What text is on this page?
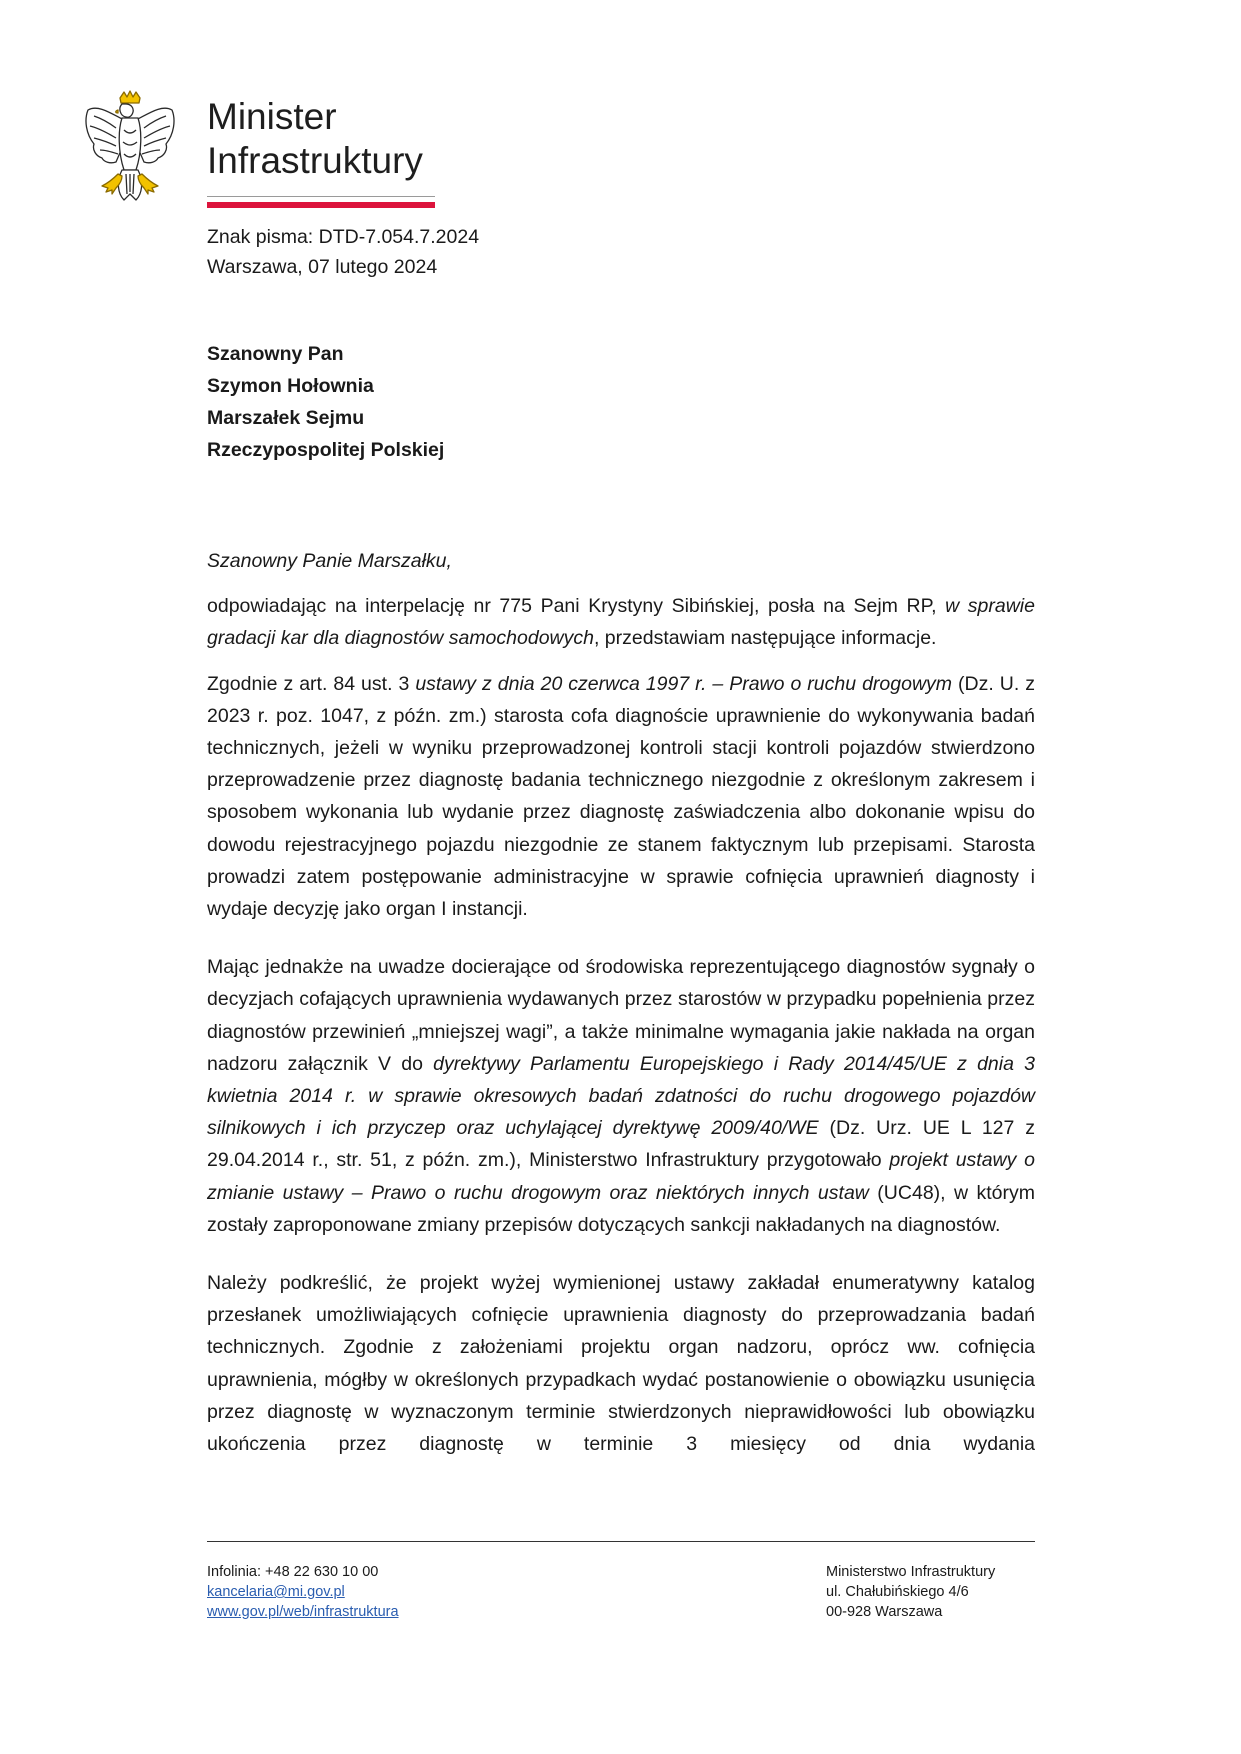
Minister
Infrastruktury
Znak pisma: DTD-7.054.7.2024
Warszawa, 07 lutego 2024
Szanowny Pan
Szymon Hołownia
Marszałek Sejmu
Rzeczypospolitej Polskiej

Szanowny Panie Marszałku,

odpowiadając na interpelację nr 775 Pani Krystyny Sibińskiej, posła na Sejm RP, w sprawie gradacji kar dla diagnostów samochodowych, przedstawiam następujące informacje.

Zgodnie z art. 84 ust. 3 ustawy z dnia 20 czerwca 1997 r. – Prawo o ruchu drogowym (Dz. U. z 2023 r. poz. 1047, z późn. zm.) starosta cofa diagnoście uprawnienie do wykonywania badań technicznych, jeżeli w wyniku przeprowadzonej kontroli stacji kontroli pojazdów stwierdzono przeprowadzenie przez diagnostę badania technicznego niezgodnie z określonym zakresem i sposobem wykonania lub wydanie przez diagnostę zaświadczenia albo dokonanie wpisu do dowodu rejestracyjnego pojazdu niezgodnie ze stanem faktycznym lub przepisami. Starosta prowadzi zatem postępowanie administracyjne w sprawie cofnięcia uprawnień diagnosty i wydaje decyzję jako organ I instancji.

Mając jednakże na uwadze docierające od środowiska reprezentującego diagnostów sygnały o decyzjach cofających uprawnienia wydawanych przez starostów w przypadku popełnienia przez diagnostów przewinień „mniejszej wagi”, a także minimalne wymagania jakie nakłada na organ nadzoru załącznik V do dyrektywy Parlamentu Europejskiego i Rady 2014/45/UE z dnia 3 kwietnia 2014 r. w sprawie okresowych badań zdatności do ruchu drogowego pojazdów silnikowych i ich przyczep oraz uchylającej dyrektywę 2009/40/WE (Dz. Urz. UE L 127 z 29.04.2014 r., str. 51, z późn. zm.), Ministerstwo Infrastruktury przygotowało projekt ustawy o zmianie ustawy – Prawo o ruchu drogowym oraz niektórych innych ustaw (UC48), w którym zostały zaproponowane zmiany przepisów dotyczących sankcji nakładanych na diagnostów.

Należy podkreślić, że projekt wyżej wymienionej ustawy zakładał enumeratywny katalog przesłanek umożliwiających cofnięcie uprawnienia diagnosty do przeprowadzania badań technicznych. Zgodnie z założeniami projektu organ nadzoru, oprócz ww. cofnięcia uprawnienia, mógłby w określonych przypadkach wydać postanowienie o obowiązku usunięcia przez diagnostę w wyznaczonym terminie stwierdzonych nieprawidłowości lub obowiązku ukończenia przez diagnostę w terminie 3 miesięcy od dnia wydania

Infolinia: +48 22 630 10 00
kancelaria@mi.gov.pl
www.gov.pl/web/infrastruktura
Ministerstwo Infrastruktury
ul. Chałubińskiego 4/6
00-928 Warszawa
